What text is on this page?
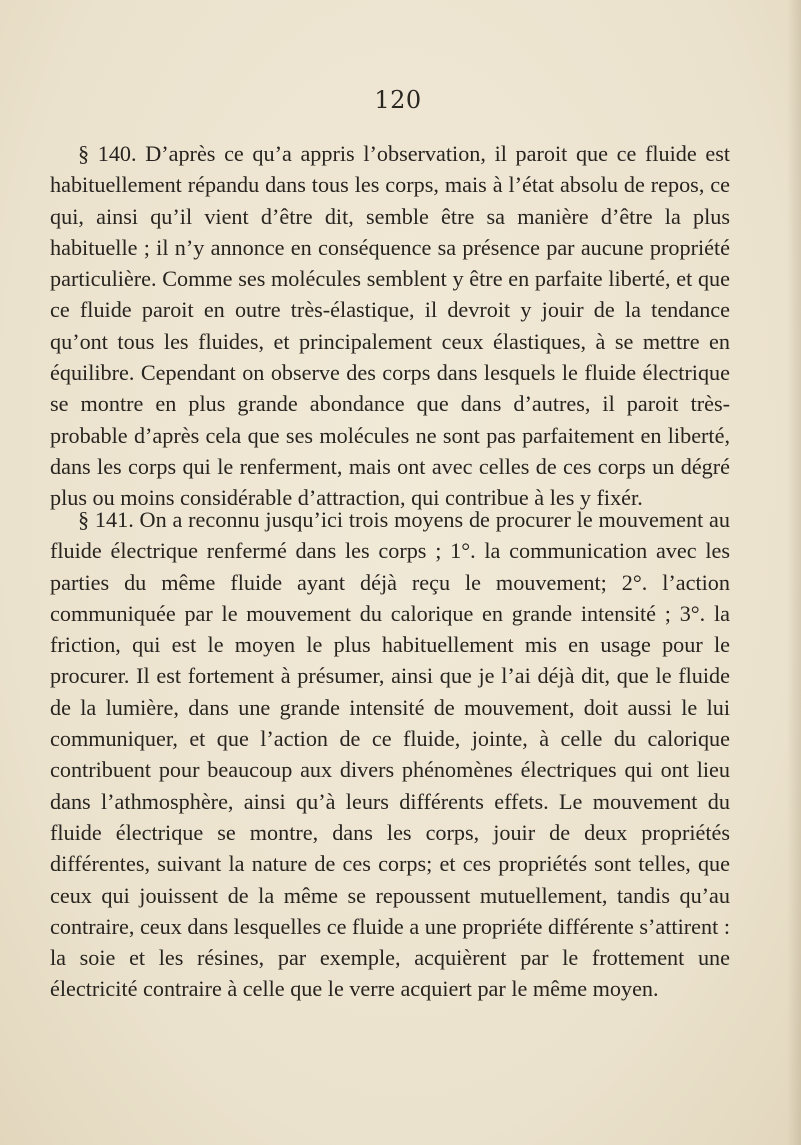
120

§ 140. D’après ce qu’a appris l’observation, il paroit que ce fluide est habituellement répandu dans tous les corps, mais à l’état absolu de repos, ce qui, ainsi qu’il vient d’être dit, semble être sa manière d’être la plus habituelle ; il n’y annonce en conséquence sa présence par aucune propriété particulière. Comme ses molécules semblent y être en parfaite liberté, et que ce fluide paroit en outre très-élastique, il devroit y jouir de la tendance qu’ont tous les fluides, et principalement ceux élastiques, à se mettre en équilibre. Cependant on observe des corps dans lesquels le fluide électrique se montre en plus grande abondance que dans d’autres, il paroit très-probable d’après cela que ses molécules ne sont pas parfaitement en liberté, dans les corps qui le renferment, mais ont avec celles de ces corps un dégré plus ou moins considérable d’attraction, qui contribue à les y fixér.

§ 141. On a reconnu jusqu’ici trois moyens de procurer le mouvement au fluide électrique renfermé dans les corps ; 1°. la communication avec les parties du même fluide ayant déjà reçu le mouvement; 2°. l’action communiquée par le mouvement du calorique en grande intensité ; 3°. la friction, qui est le moyen le plus habituellement mis en usage pour le procurer. Il est fortement à présumer, ainsi que je l’ai déjà dit, que le fluide de la lumière, dans une grande intensité de mouvement, doit aussi le lui communiquer, et que l’action de ce fluide, jointe, à celle du calorique contribuent pour beaucoup aux divers phénomènes électriques qui ont lieu dans l’athmosphère, ainsi qu’à leurs différents effets. Le mouvement du fluide électrique se montre, dans les corps, jouir de deux propriétés différentes, suivant la nature de ces corps; et ces propriétés sont telles, que ceux qui jouissent de la même se repoussent mutuellement, tandis qu’au contraire, ceux dans lesquelles ce fluide a une propriéte différente s’attirent : la soie et les résines, par exemple, acquièrent par le frottement une électricité contraire à celle que le verre acquiert par le même moyen.
